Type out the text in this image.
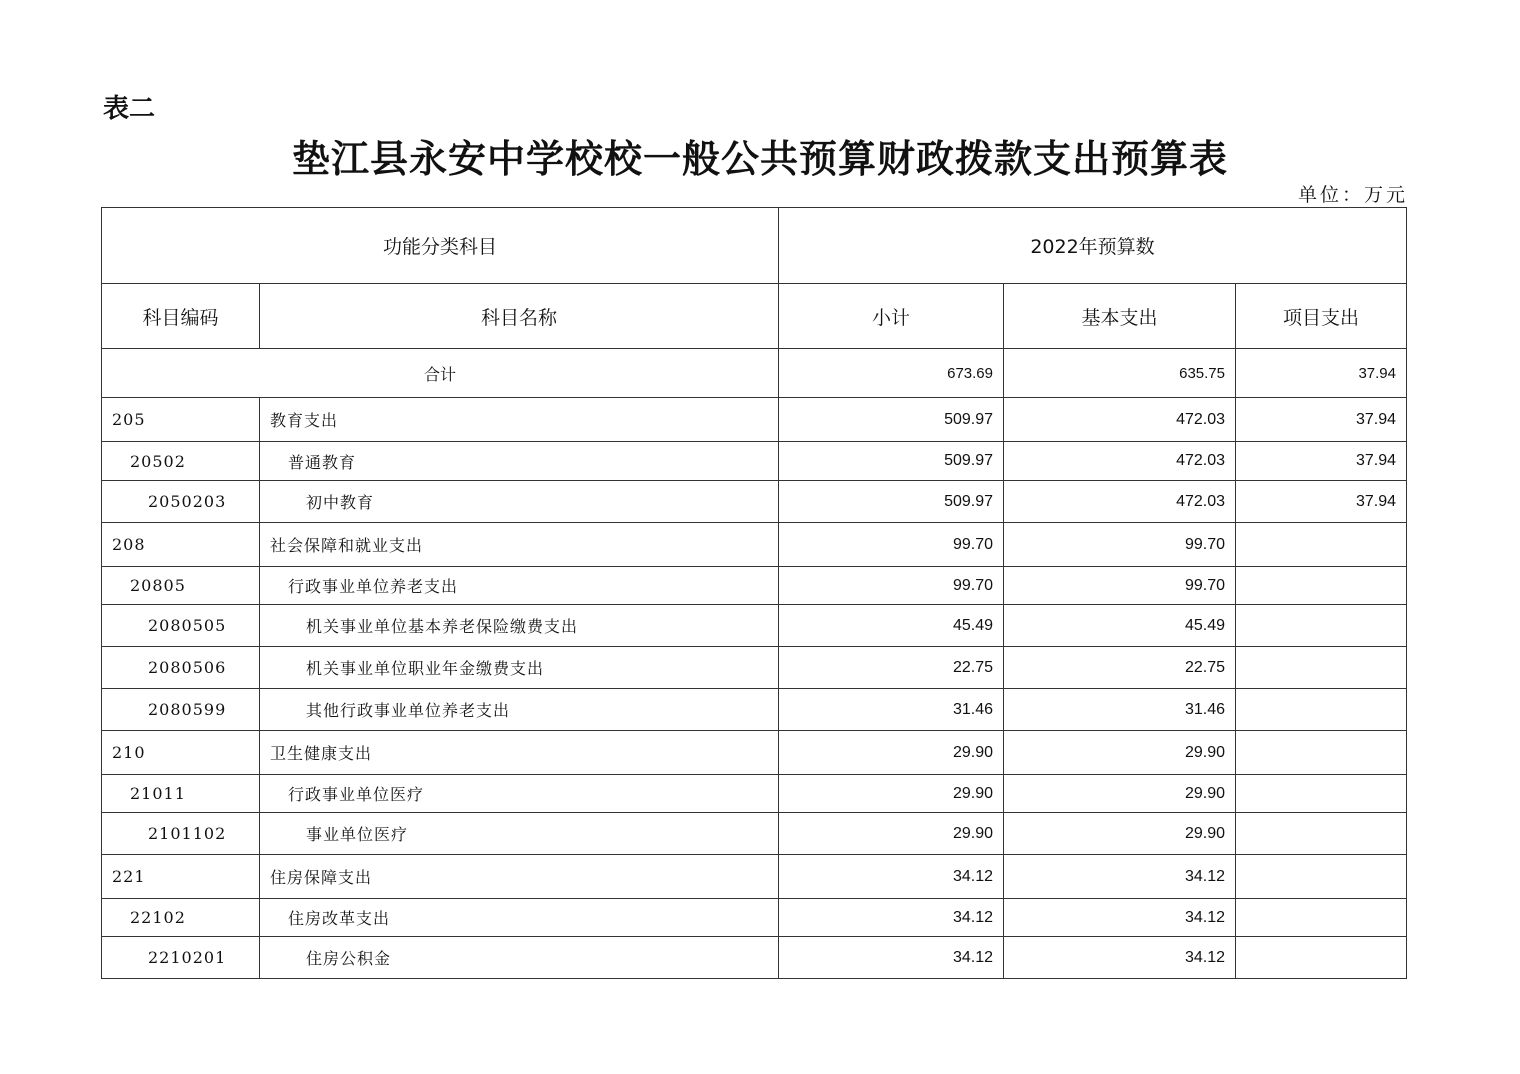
表二
垫江县永安中学校校一般公共预算财政拨款支出预算表
单位：万元
功能分类科目		2022年预算数		
科目编码	科目名称	小计	基本支出	项目支出
合计		673.69	635.75	37.94
205	教育支出	509.97	472.03	37.94
20502	普通教育	509.97	472.03	37.94
2050203	初中教育	509.97	472.03	37.94
208	社会保障和就业支出	99.70	99.70	
20805	行政事业单位养老支出	99.70	99.70	
2080505	机关事业单位基本养老保险缴费支出	45.49	45.49	
2080506	机关事业单位职业年金缴费支出	22.75	22.75	
2080599	其他行政事业单位养老支出	31.46	31.46	
210	卫生健康支出	29.90	29.90	
21011	行政事业单位医疗	29.90	29.90	
2101102	事业单位医疗	29.90	29.90	
221	住房保障支出	34.12	34.12	
22102	住房改革支出	34.12	34.12	
2210201	住房公积金	34.12	34.12	
